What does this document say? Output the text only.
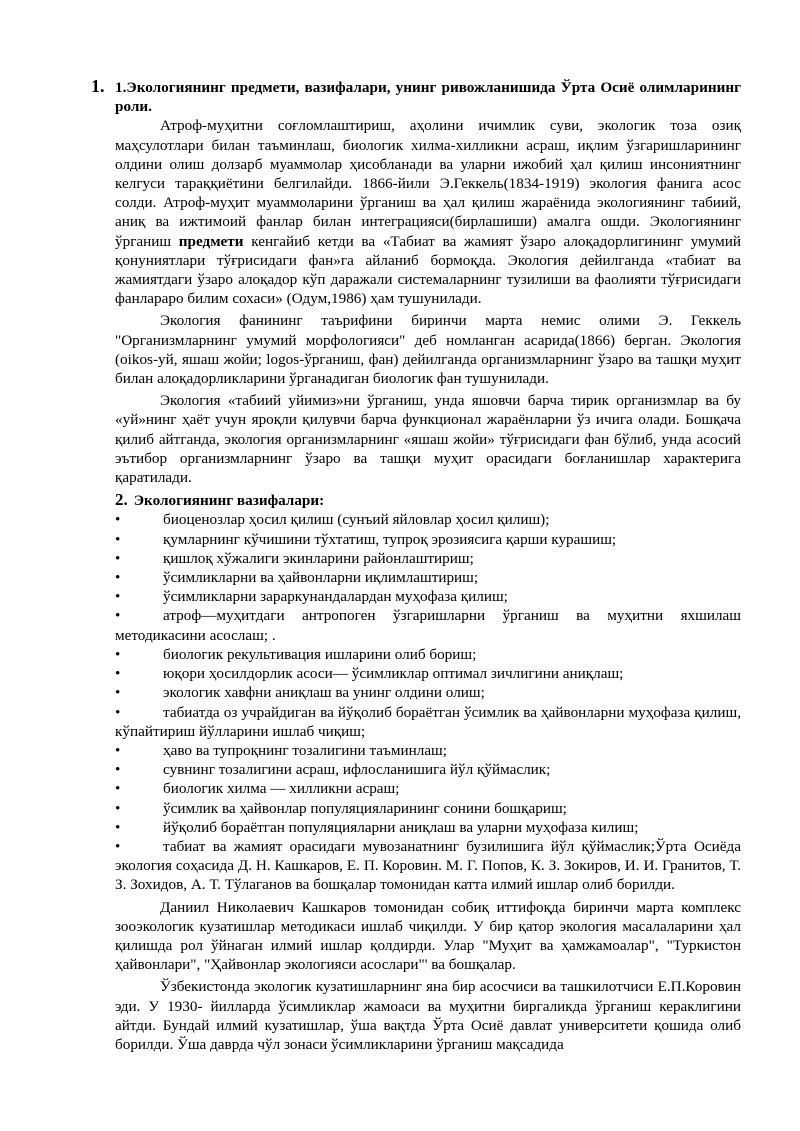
1. 1.Экологиянинг предмети, вазифалари, унинг ривожланишида Ўрта Осиё олимларининг роли.

Атроф-муҳитни соғломлаштириш, аҳолини ичимлик суви, экологик тоза озиқ маҳсулотлари билан таъминлаш, биологик хилма-хилликни асраш, иқлим ўзгаришларининг олдини олиш долзарб муаммолар ҳисобланади ва уларни ижобий ҳал қилиш инсониятнинг келгуси тараққиётини белгилайди. 1866-йили Э.Геккель(1834-1919) экология фанига асос солди. Атроф-муҳит муаммоларини ўрганиш ва ҳал қилиш жараёнида экологиянинг табиий, аниқ ва ижтимоий фанлар билан интеграцияси(бирлашиши) амалга ошди. Экологиянинг ўрганиш предмети кенгайиб кетди ва «Табиат ва жамият ўзаро алоқадорлигининг умумий қонуниятлари тўғрисидаги фан»га айланиб бормоқда. Экология дейилганда «табиат ва жамиятдаги ўзаро алоқадор кўп даражали системаларнинг тузилиши ва фаолияти тўғрисидаги фанлараро билим сохаси» (Одум,1986) ҳам тушунилади.

Экология фанининг таърифини биринчи марта немис олими Э. Геккель "Организмларнинг умумий морфологияси" деб номланган асарида(1866) берган. Экология (oikos-уй, яшаш жойи; logos-ўрганиш, фан) дейилганда организмларнинг ўзаро ва ташқи муҳит билан алоқадорликларини ўрганадиган биологик фан тушунилади.

Экология «табиий уйимиз»ни ўрганиш, унда яшовчи барча тирик организмлар ва бу «уй»нинг ҳаёт учун яроқли қилувчи барча функционал жараёнларни ўз ичига олади. Бошқача қилиб айтганда, экология организмларнинг «яшаш жойи» тўғрисидаги фан бўлиб, унда асосий эътибор организмларнинг ўзаро ва ташқи муҳит орасидаги боғланишлар характерига қаратилади.

2. Экологиянинг вазифалари:
•	биоценозлар ҳосил қилиш (сунъий яйловлар ҳосил қилиш);
•	қумларнинг кўчишини тўхтатиш, тупроқ эрозиясига қарши курашиш;
•	қишлоқ хўжалиги экинларини районлаштириш;
•	ўсимликларни ва ҳайвонларни иқлимлаштириш;
•	ўсимликларни зараркунандалардан муҳофаза қилиш;
•	атроф—муҳитдаги антропоген ўзгаришларни ўрганиш ва муҳитни яхшилаш методикасини асослаш; .
•	биологик рекультивация ишларини олиб бориш;
•	юқори ҳосилдорлик асоси— ўсимликлар оптимал зичлигини аниқлаш;
•	экологик хавфни аниқлаш ва унинг олдини олиш;
•	табиатда оз учрайдиган ва йўқолиб бораётган ўсимлик ва ҳайвонларни муҳофаза қилиш, кўпайтириш йўлларини ишлаб чиқиш;
•	ҳаво ва тупроқнинг тозалигини таъминлаш;
•	сувнинг тозалигини асраш, ифлосланишига йўл қўймаслик;
•	биологик хилма — хилликни асраш;
•	ўсимлик ва ҳайвонлар популяцияларининг сонини бошқариш;
•	йўқолиб бораётган популяцияларни аниқлаш ва уларни муҳофаза килиш;
•	табиат ва жамият орасидаги мувозанатнинг бузилишига йўл қўймаслик;Ўрта Осиёда экология соҳасида Д. Н. Кашкаров, Е. П. Коровин. М. Г. Попов, К. З. Зокиров, И. И. Гранитов, Т. З. Зохидов, А. Т. Тўлаганов ва бошқалар томонидан катта илмий ишлар олиб борилди.

Даниил Николаевич Кашкаров томонидан собиқ иттифоқда биринчи марта комплекс зооэкологик кузатишлар методикаси ишлаб чиқилди. У бир қатор экология масалаларини ҳал қилишда рол ўйнаган илмий ишлар қолдирди. Улар "Муҳит ва ҳамжамоалар", "Туркистон ҳайвонлари", "Ҳайвонлар экологияси асослари"' ва бошқалар.

Ўзбекистонда экологик кузатишларнинг яна бир асосчиси ва ташкилотчиси Е.П.Коровин эди. У 1930- йилларда ўсимликлар жамоаси ва муҳитни биргаликда ўрганиш кераклигини айтди. Бундай илмий кузатишлар, ўша вақтда Ўрта Осиё давлат университети қошида олиб борилди. Ўша даврда чўл зонаси ўсимликларини ўрганиш мақсадида
